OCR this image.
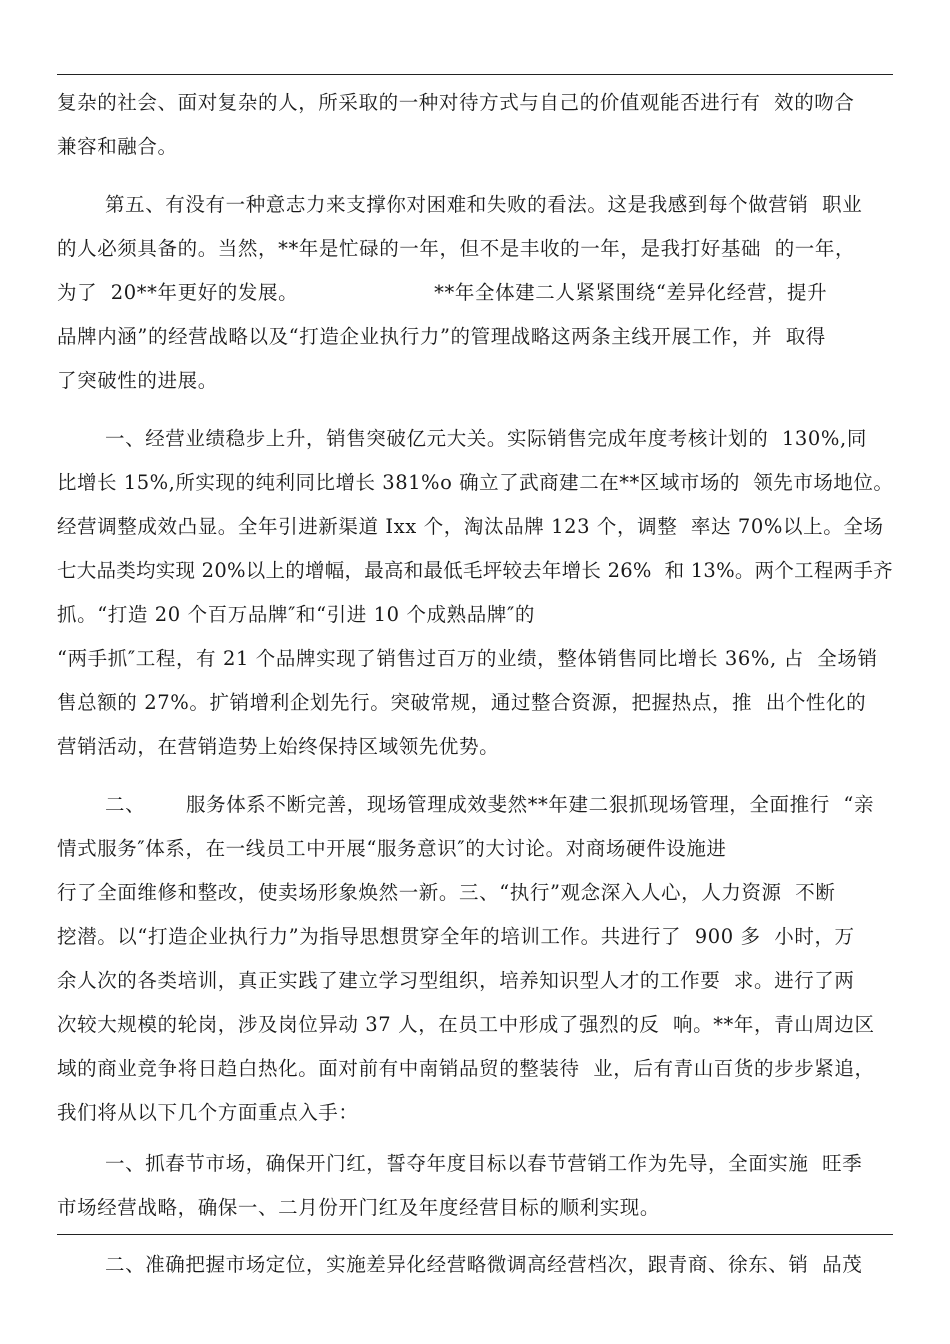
复杂的社会、面对复杂的人，所采取的一种对待方式与自己的价值观能否进行有  效的吻合
兼容和融合。
第五、有没有一种意志力来支撑你对困难和失败的看法。这是我感到每个做营销  职业
的人必须具备的。当然，**年是忙碌的一年，但不是丰收的一年，是我打好基础  的一年，
为了  20**年更好的发展。                    **年全体建二人紧紧围绕“差异化经营，提升
品牌内涵”的经营战略以及“打造企业执行力”的管理战略这两条主线开展工作，并  取得
了突破性的进展。
一、经营业绩稳步上升，销售突破亿元大关。实际销售完成年度考核计划的  130%,同
比增长 15%,所实现的纯利同比增长 381%o 确立了武商建二在**区域市场的  领先市场地位。
经营调整成效凸显。全年引进新渠道 Ixx 个，淘汰品牌 123 个，调整  率达 70%以上。全场
七大品类均实现 20%以上的增幅，最高和最低毛坪较去年增长 26%  和 13%。两个工程两手齐
抓。“打造 20 个百万品牌″和“引进 10 个成熟品牌″的
“两手抓″工程，有 21 个品牌实现了销售过百万的业绩，整体销售同比增长 36%, 占  全场销
售总额的 27%。扩销增利企划先行。突破常规，通过整合资源，把握热点，推  出个性化的
营销活动，在营销造势上始终保持区域领先优势。
二、      服务体系不断完善，现场管理成效斐然**年建二狠抓现场管理，全面推行  “亲
情式服务″体系，在一线员工中开展“服务意识″的大讨论。对商场硬件设施进
行了全面维修和整改，使卖场形象焕然一新。三、“执行”观念深入人心，人力资源  不断
挖潜。以“打造企业执行力”为指导思想贯穿全年的培训工作。共进行了  900 多  小时，万
余人次的各类培训，真正实践了建立学习型组织，培养知识型人才的工作要  求。进行了两
次较大规模的轮岗，涉及岗位异动 37 人，在员工中形成了强烈的反  响。**年，青山周边区
域的商业竞争将日趋白热化。面对前有中南销品贸的整装待  业，后有青山百货的步步紧追，
我们将从以下几个方面重点入手：
一、抓春节市场，确保开门红，誓夺年度目标以春节营销工作为先导，全面实施  旺季
市场经营战略，确保一、二月份开门红及年度经营目标的顺利实现。
二、准确把握市场定位，实施差异化经营略微调高经营档次，跟青商、徐东、销  品茂
